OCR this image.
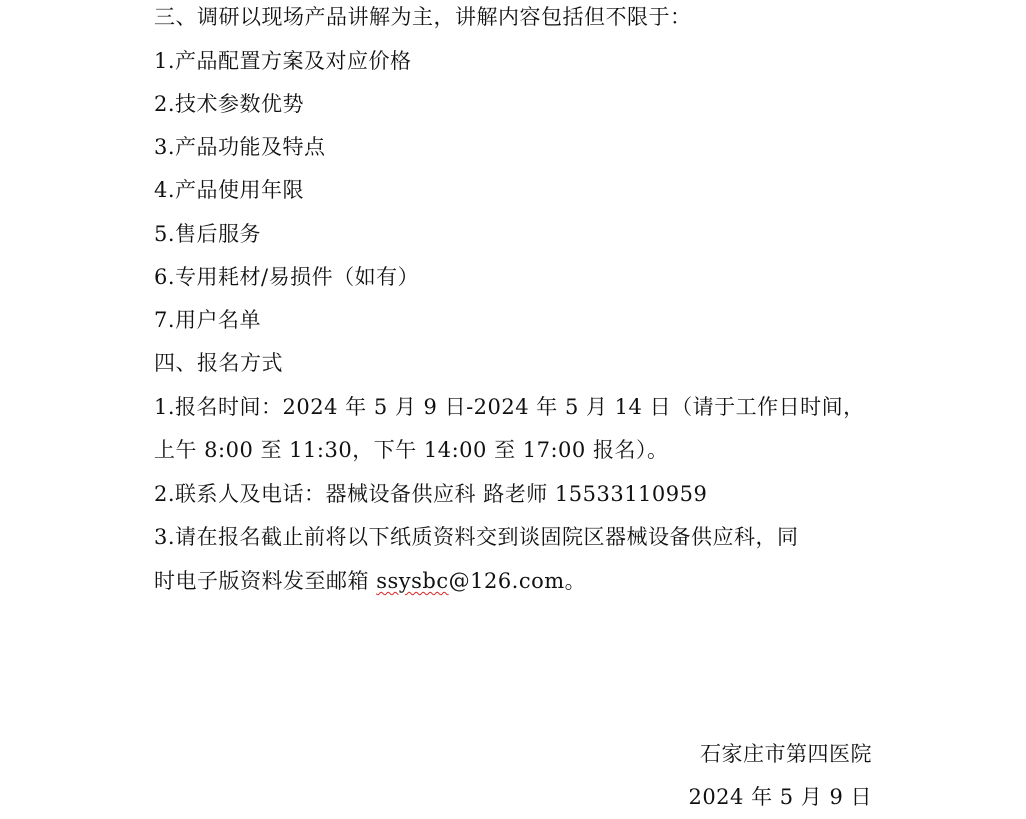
三、调研以现场产品讲解为主，讲解内容包括但不限于：
1.产品配置方案及对应价格
2.技术参数优势
3.产品功能及特点
4.产品使用年限
5.售后服务
6.专用耗材/易损件（如有）
7.用户名单
四、报名方式
1.报名时间：2024 年 5 月 9 日-2024 年 5 月 14 日（请于工作日时间，
上午 8:00 至 11:30，下午 14:00 至 17:00 报名）。
2.联系人及电话：器械设备供应科 路老师 15533110959
3.请在报名截止前将以下纸质资料交到谈固院区器械设备供应科，同
时电子版资料发至邮箱 ssysbc@126.com。
石家庄市第四医院
2024 年 5 月 9 日
